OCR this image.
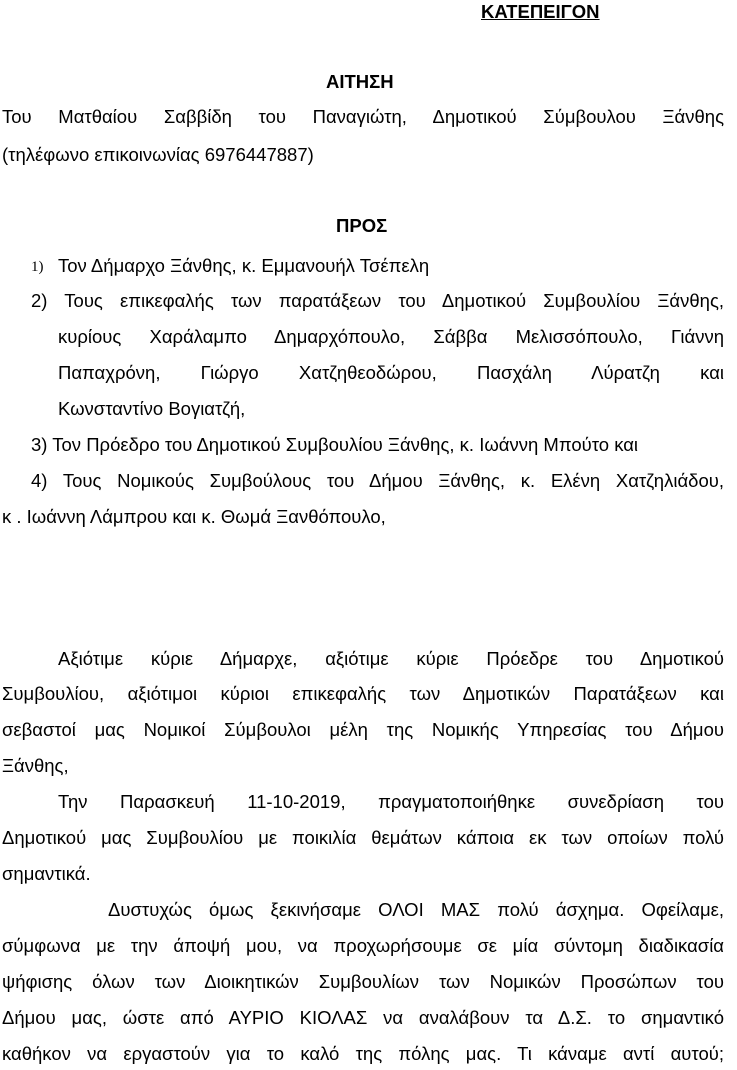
ΚΑΤΕΠΕΙΓΟΝ
ΑΙΤΗΣΗ
Του Ματθαίου Σαββίδη του Παναγιώτη, Δημοτικού Σύμβουλου Ξάνθης
(τηλέφωνο επικοινωνίας 6976447887)
ΠΡΟΣ
1) Τον Δήμαρχο Ξάνθης, κ. Εμμανουήλ Τσέπελη
2) Τους επικεφαλής των παρατάξεων του Δημοτικού Συμβουλίου Ξάνθης,
κυρίους Χαράλαμπο Δημαρχόπουλο, Σάββα Μελισσόπουλο, Γιάννη
Παπαχρόνη, Γιώργο Χατζηθεοδώρου, Πασχάλη Λύρατζη και
Κωνσταντίνο Βογιατζή,
3) Τον Πρόεδρο του Δημοτικού Συμβουλίου Ξάνθης, κ. Ιωάννη Μπούτο και
4) Τους Νομικούς Συμβούλους του Δήμου Ξάνθης, κ. Ελένη Χατζηλιάδου,
κ . Ιωάννη Λάμπρου και κ. Θωμά Ξανθόπουλο,
Αξιότιμε κύριε Δήμαρχε, αξιότιμε κύριε Πρόεδρε του Δημοτικού
Συμβουλίου, αξιότιμοι κύριοι επικεφαλής των Δημοτικών Παρατάξεων και
σεβαστοί μας Νομικοί Σύμβουλοι μέλη της Νομικής Υπηρεσίας του Δήμου
Ξάνθης,
Την Παρασκευή 11-10-2019, πραγματοποιήθηκε συνεδρίαση του
Δημοτικού μας Συμβουλίου με ποικιλία θεμάτων κάποια εκ των οποίων πολύ
σημαντικά.
Δυστυχώς όμως ξεκινήσαμε ΟΛΟΙ ΜΑΣ πολύ άσχημα. Οφείλαμε,
σύμφωνα με την άποψή μου, να προχωρήσουμε σε μία σύντομη διαδικασία
ψήφισης όλων των Διοικητικών Συμβουλίων των Νομικών Προσώπων του
Δήμου μας, ώστε από ΑΥΡΙΟ ΚΙΟΛΑΣ να αναλάβουν τα Δ.Σ. το σημαντικό
καθήκον να εργαστούν για το καλό της πόλης μας. Τι κάναμε αντί αυτού;
